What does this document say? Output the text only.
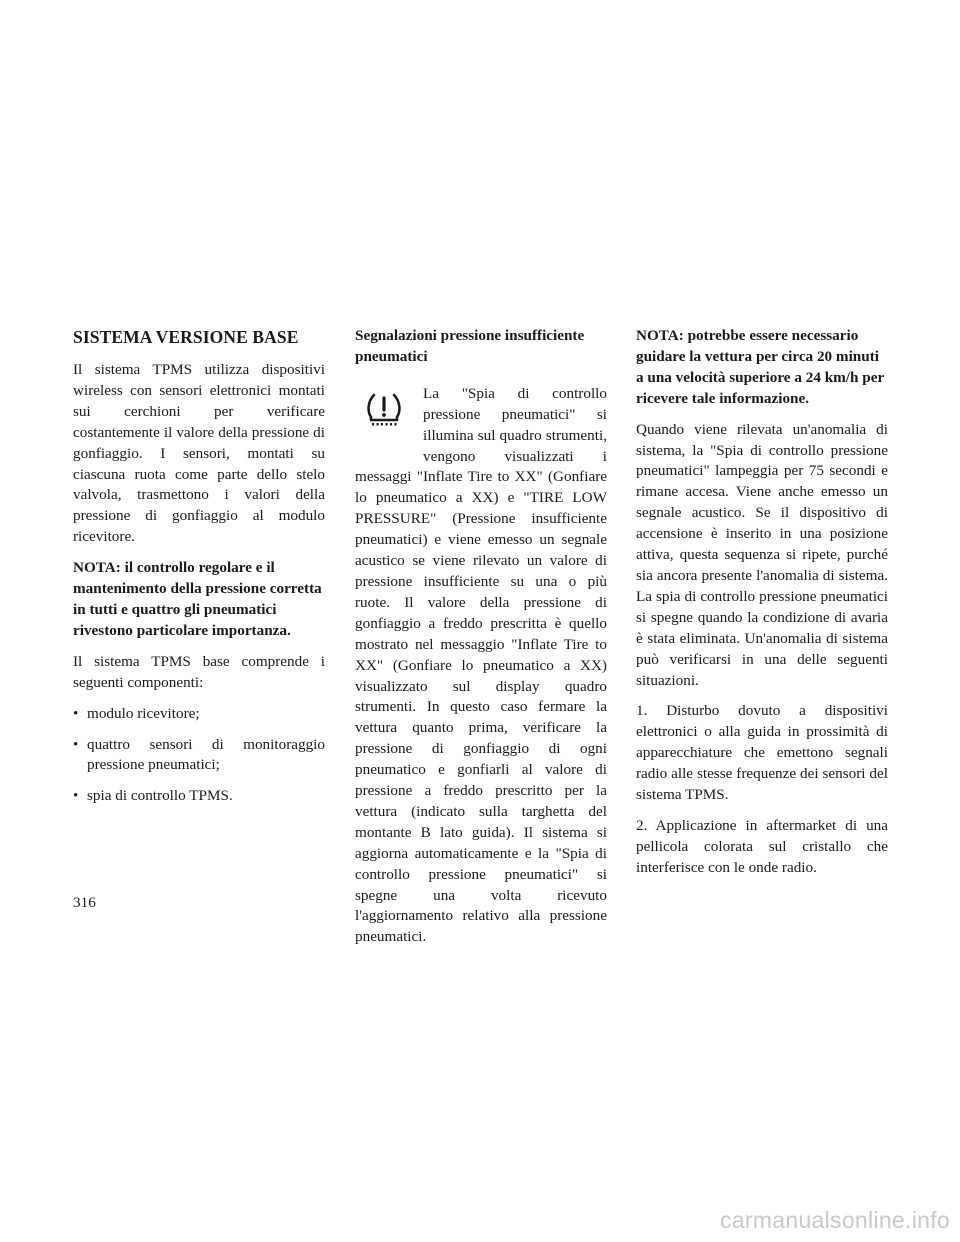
SISTEMA VERSIONE BASE

Il sistema TPMS utilizza dispositivi wireless con sensori elettronici montati sui cerchioni per verificare costantemente il valore della pressione di gonfiaggio. I sensori, montati su ciascuna ruota come parte dello stelo valvola, trasmettono i valori della pressione di gonfiaggio al modulo ricevitore.

NOTA: il controllo regolare e il mantenimento della pressione corretta in tutti e quattro gli pneumatici rivestono particolare importanza.

Il sistema TPMS base comprende i seguenti componenti:

• modulo ricevitore;
• quattro sensori di monitoraggio pressione pneumatici;
• spia di controllo TPMS.

Segnalazioni pressione insufficiente pneumatici

La "Spia di controllo pressione pneumatici" si illumina sul quadro strumenti, vengono visualizzati i messaggi "Inflate Tire to XX" (Gonfiare lo pneumatico a XX) e "TIRE LOW PRESSURE" (Pressione insufficiente pneumatici) e viene emesso un segnale acustico se viene rilevato un valore di pressione insufficiente su una o più ruote. Il valore della pressione di gonfiaggio a freddo prescritta è quello mostrato nel messaggio "Inflate Tire to XX" (Gonfiare lo pneumatico a XX) visualizzato sul display quadro strumenti. In questo caso fermare la vettura quanto prima, verificare la pressione di gonfiaggio di ogni pneumatico e gonfiarli al valore di pressione a freddo prescritto per la vettura (indicato sulla targhetta del montante B lato guida). Il sistema si aggiorna automaticamente e la "Spia di controllo pressione pneumatici" si spegne una volta ricevuto l'aggiornamento relativo alla pressione pneumatici.

NOTA: potrebbe essere necessario guidare la vettura per circa 20 minuti a una velocità superiore a 24 km/h per ricevere tale informazione.

Quando viene rilevata un'anomalia di sistema, la "Spia di controllo pressione pneumatici" lampeggia per 75 secondi e rimane accesa. Viene anche emesso un segnale acustico. Se il dispositivo di accensione è inserito in una posizione attiva, questa sequenza si ripete, purché sia ancora presente l'anomalia di sistema. La spia di controllo pressione pneumatici si spegne quando la condizione di avaria è stata eliminata. Un'anomalia di sistema può verificarsi in una delle seguenti situazioni.

1. Disturbo dovuto a dispositivi elettronici o alla guida in prossimità di apparecchiature che emettono segnali radio alle stesse frequenze dei sensori del sistema TPMS.

2. Applicazione in aftermarket di una pellicola colorata sul cristallo che interferisce con le onde radio.

316
carmanualsonline.info
